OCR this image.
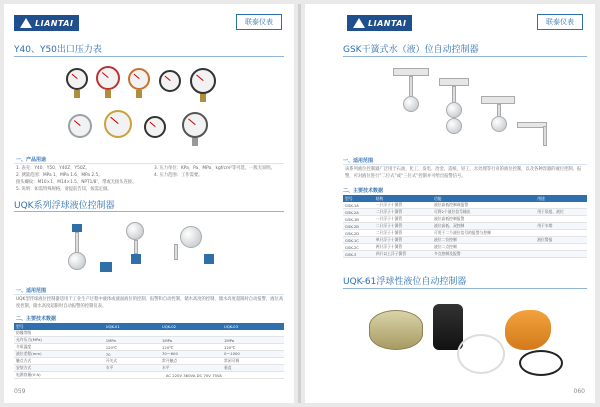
LIANTAI	联泰仪表
Y40、Y50出口压力表
一、产品用途
1. 表壳：Y40、Y50、Y40Z、Y50Z。
2. 测量范围：MPa 1、MPa 1.6、MPa 2.5。
接头螺纹：M10×1、M14×1.5、NPT1/8'，带或无接头连接。
5. 说明：如需特殊规格，请提前告知，按需定做。
3. 压力单位：KPa、Pa、MPa、kgf/cm²等可选，一般无说明。
4. 压力范围：工作需要。
UQK系列浮球液位控制器
一、适用范围
UQK型浮球液位控制器适用于工业生产过程中液体或液面液位的控制、报警和自动控制，储水高度的控制，储水高度超限时自动报警，液位高度控制，储水高度超限时自动报警的控制仪表。
二、主要技术数据
型号	UQK-01	UQK-02	UQK-03
防爆等级			
允许压力(MPa)	1MPa	1MPa	1MPa
介质温度	120℃	120℃	120℃
液位差程(mm)	70	70～600	0～1000
触点方式	开关式	常开触点	常闭可调
安装方式	水平	水平	垂直
电源容量(V·A)	AC 220V 380VA DC 70V 75VA		
059
LIANTAI	联泰仪表
GSK干簧式水（液）位自动控制器
一、适用范围
该系列液位控制器广泛用于石油、化工、发电、冶金、造纸、轻工、水处理等行业的液位控制，以及各种容器的液位控制、报警，可对液位进行“二位式”或“三位式”控制并可给出报警信号。
二、主要技术数据
型号	结构	功能	用途
GSK-1A	一只浮子十簧管	液位高低控制或报警	
GSK-2A	二只浮子十簧管	可将2个液位信号输出	用于泵组、液位
GSK-1B	一只浮子十簧管	液位高低控制报警	
GSK-2B	二只浮子十簧管	液位高低、双控制	用于水塔
GSK-2D	二只浮子十簧管	可用于二个液位信号的报警与控制	
GSK-1C	单只浮子十簧管	液位二位控制	液位警报
GSK-2C	两只浮子十簧管	液位二点控制	
GSK-3	四只以上浮子簧管	多点控制及报警	
UQK-61浮球性液位自动控制器
060
